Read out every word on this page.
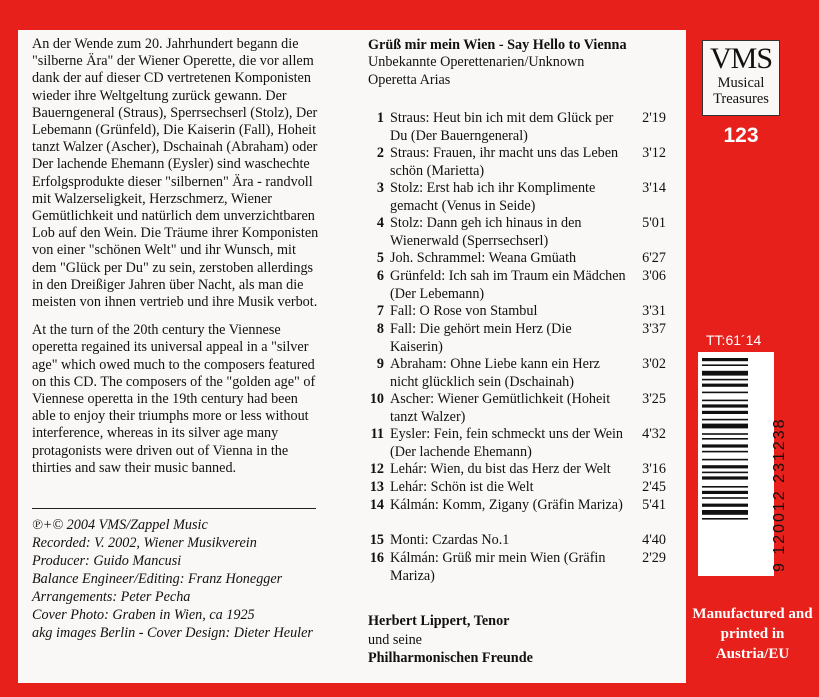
An der Wende zum 20. Jahrhundert begann die "silberne Ära" der Wiener Operette, die vor allem dank der auf dieser CD vertretenen Komponisten wieder ihre Weltgeltung zurück gewann. Der Bauerngeneral (Straus), Sperrsechserl (Stolz), Der Lebemann (Grünfeld), Die Kaiserin (Fall), Hoheit tanzt Walzer (Ascher), Dschainah (Abraham) oder Der lachende Ehemann (Eysler) sind waschechte Erfolgsprodukte dieser "silbernen" Ära - randvoll mit Walzerseligkeit, Herzschmerz, Wiener Gemütlichkeit und natürlich dem unverzichtbaren Lob auf den Wein. Die Träume ihrer Komponisten von einer "schönen Welt" und ihr Wunsch, mit dem "Glück per Du" zu sein, zerstoben allerdings in den Dreißiger Jahren über Nacht, als man die meisten von ihnen vertrieb und ihre Musik verbot.

At the turn of the 20th century the Viennese operetta regained its universal appeal in a "silver age" which owed much to the composers featured on this CD. The composers of the "golden age" of Viennese operetta in the 19th century had been able to enjoy their triumphs more or less without interference, whereas in its silver age many protagonists were driven out of Vienna in the thirties and saw their music banned.

℗+© 2004 VMS/Zappel Music
Recorded: V. 2002, Wiener Musikverein
Producer: Guido Mancusi
Balance Engineer/Editing: Franz Honegger
Arrangements: Peter Pecha
Cover Photo: Graben in Wien, ca 1925
akg images Berlin - Cover Design: Dieter Heuler
Grüß mir mein Wien - Say Hello to Vienna
Unbekannte Operettenarien/Unknown Operetta Arias
1 Straus: Heut bin ich mit dem Glück per Du (Der Bauerngeneral)
2'19
2 Straus: Frauen, ihr macht uns das Leben schön (Marietta)
3'12
3 Stolz: Erst hab ich ihr Komplimente gemacht (Venus in Seide)
3'14
4 Stolz: Dann geh ich hinaus in den Wienerwald (Sperrsechserl)
5'01
5 Joh. Schrammel: Weana Gmüath	6'27
6 Grünfeld: Ich sah im Traum ein Mädchen (Der Lebemann)
3'06
7 Fall: O Rose von Stambul	3'31
8 Fall: Die gehört mein Herz (Die Kaiserin)
3'37
9 Abraham: Ohne Liebe kann ein Herz nicht glücklich sein (Dschainah)
3'02
10 Ascher: Wiener Gemütlichkeit (Hoheit tanzt Walzer)
3'25
11 Eysler: Fein, fein schmeckt uns der Wein (Der lachende Ehemann)
4'32
12 Lehár: Wien, du bist das Herz der Welt	3'16
13 Lehár: Schön ist die Welt	2'45
14 Kálmán: Komm, Zigany (Gräfin Mariza)	5'41
15 Monti: Czardas No.1	4'40
16 Kálmán: Grüß mir mein Wien (Gräfin Mariza)
2'29
Herbert Lippert, Tenor
und seine
Philharmonischen Freunde
VMS
Musical
Treasures
123
TT:61´14
9 120012 231238
Manufactured and printed in Austria/EU
